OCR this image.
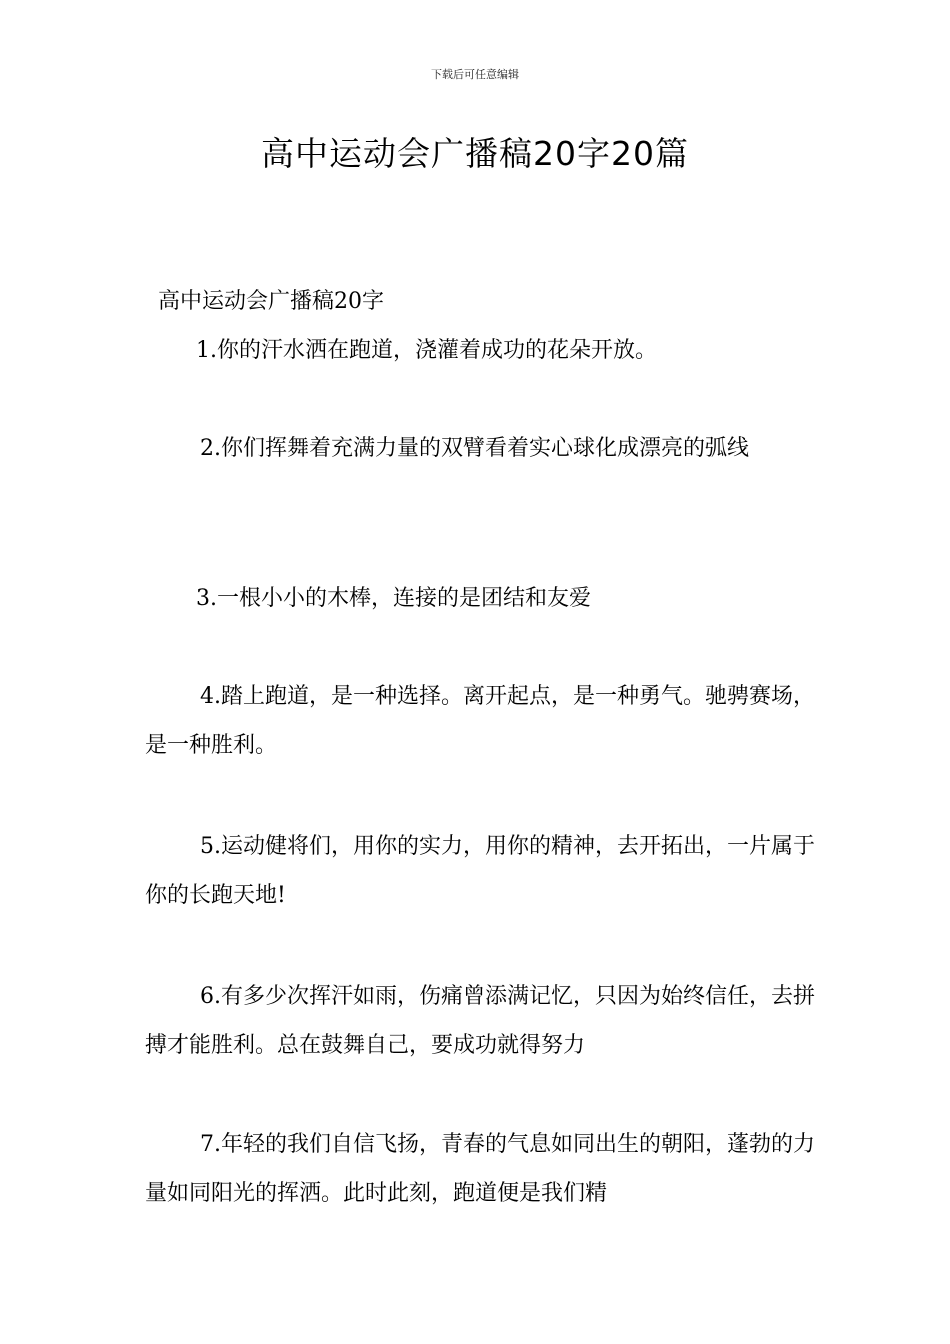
下载后可任意编辑
高中运动会广播稿20字20篇
高中运动会广播稿20字
1.你的汗水洒在跑道，浇灌着成功的花朵开放。
2.你们挥舞着充满力量的双臂看着实心球化成漂亮的弧线
3.一根小小的木棒，连接的是团结和友爱
4.踏上跑道，是一种选择。离开起点，是一种勇气。驰骋赛场，是一种胜利。
5.运动健将们，用你的实力，用你的精神，去开拓出，一片属于你的长跑天地!
6.有多少次挥汗如雨，伤痛曾添满记忆，只因为始终信任，去拼搏才能胜利。总在鼓舞自己，要成功就得努力
7.年轻的我们自信飞扬，青春的气息如同出生的朝阳，蓬勃的力量如同阳光的挥洒。此时此刻，跑道便是我们精
